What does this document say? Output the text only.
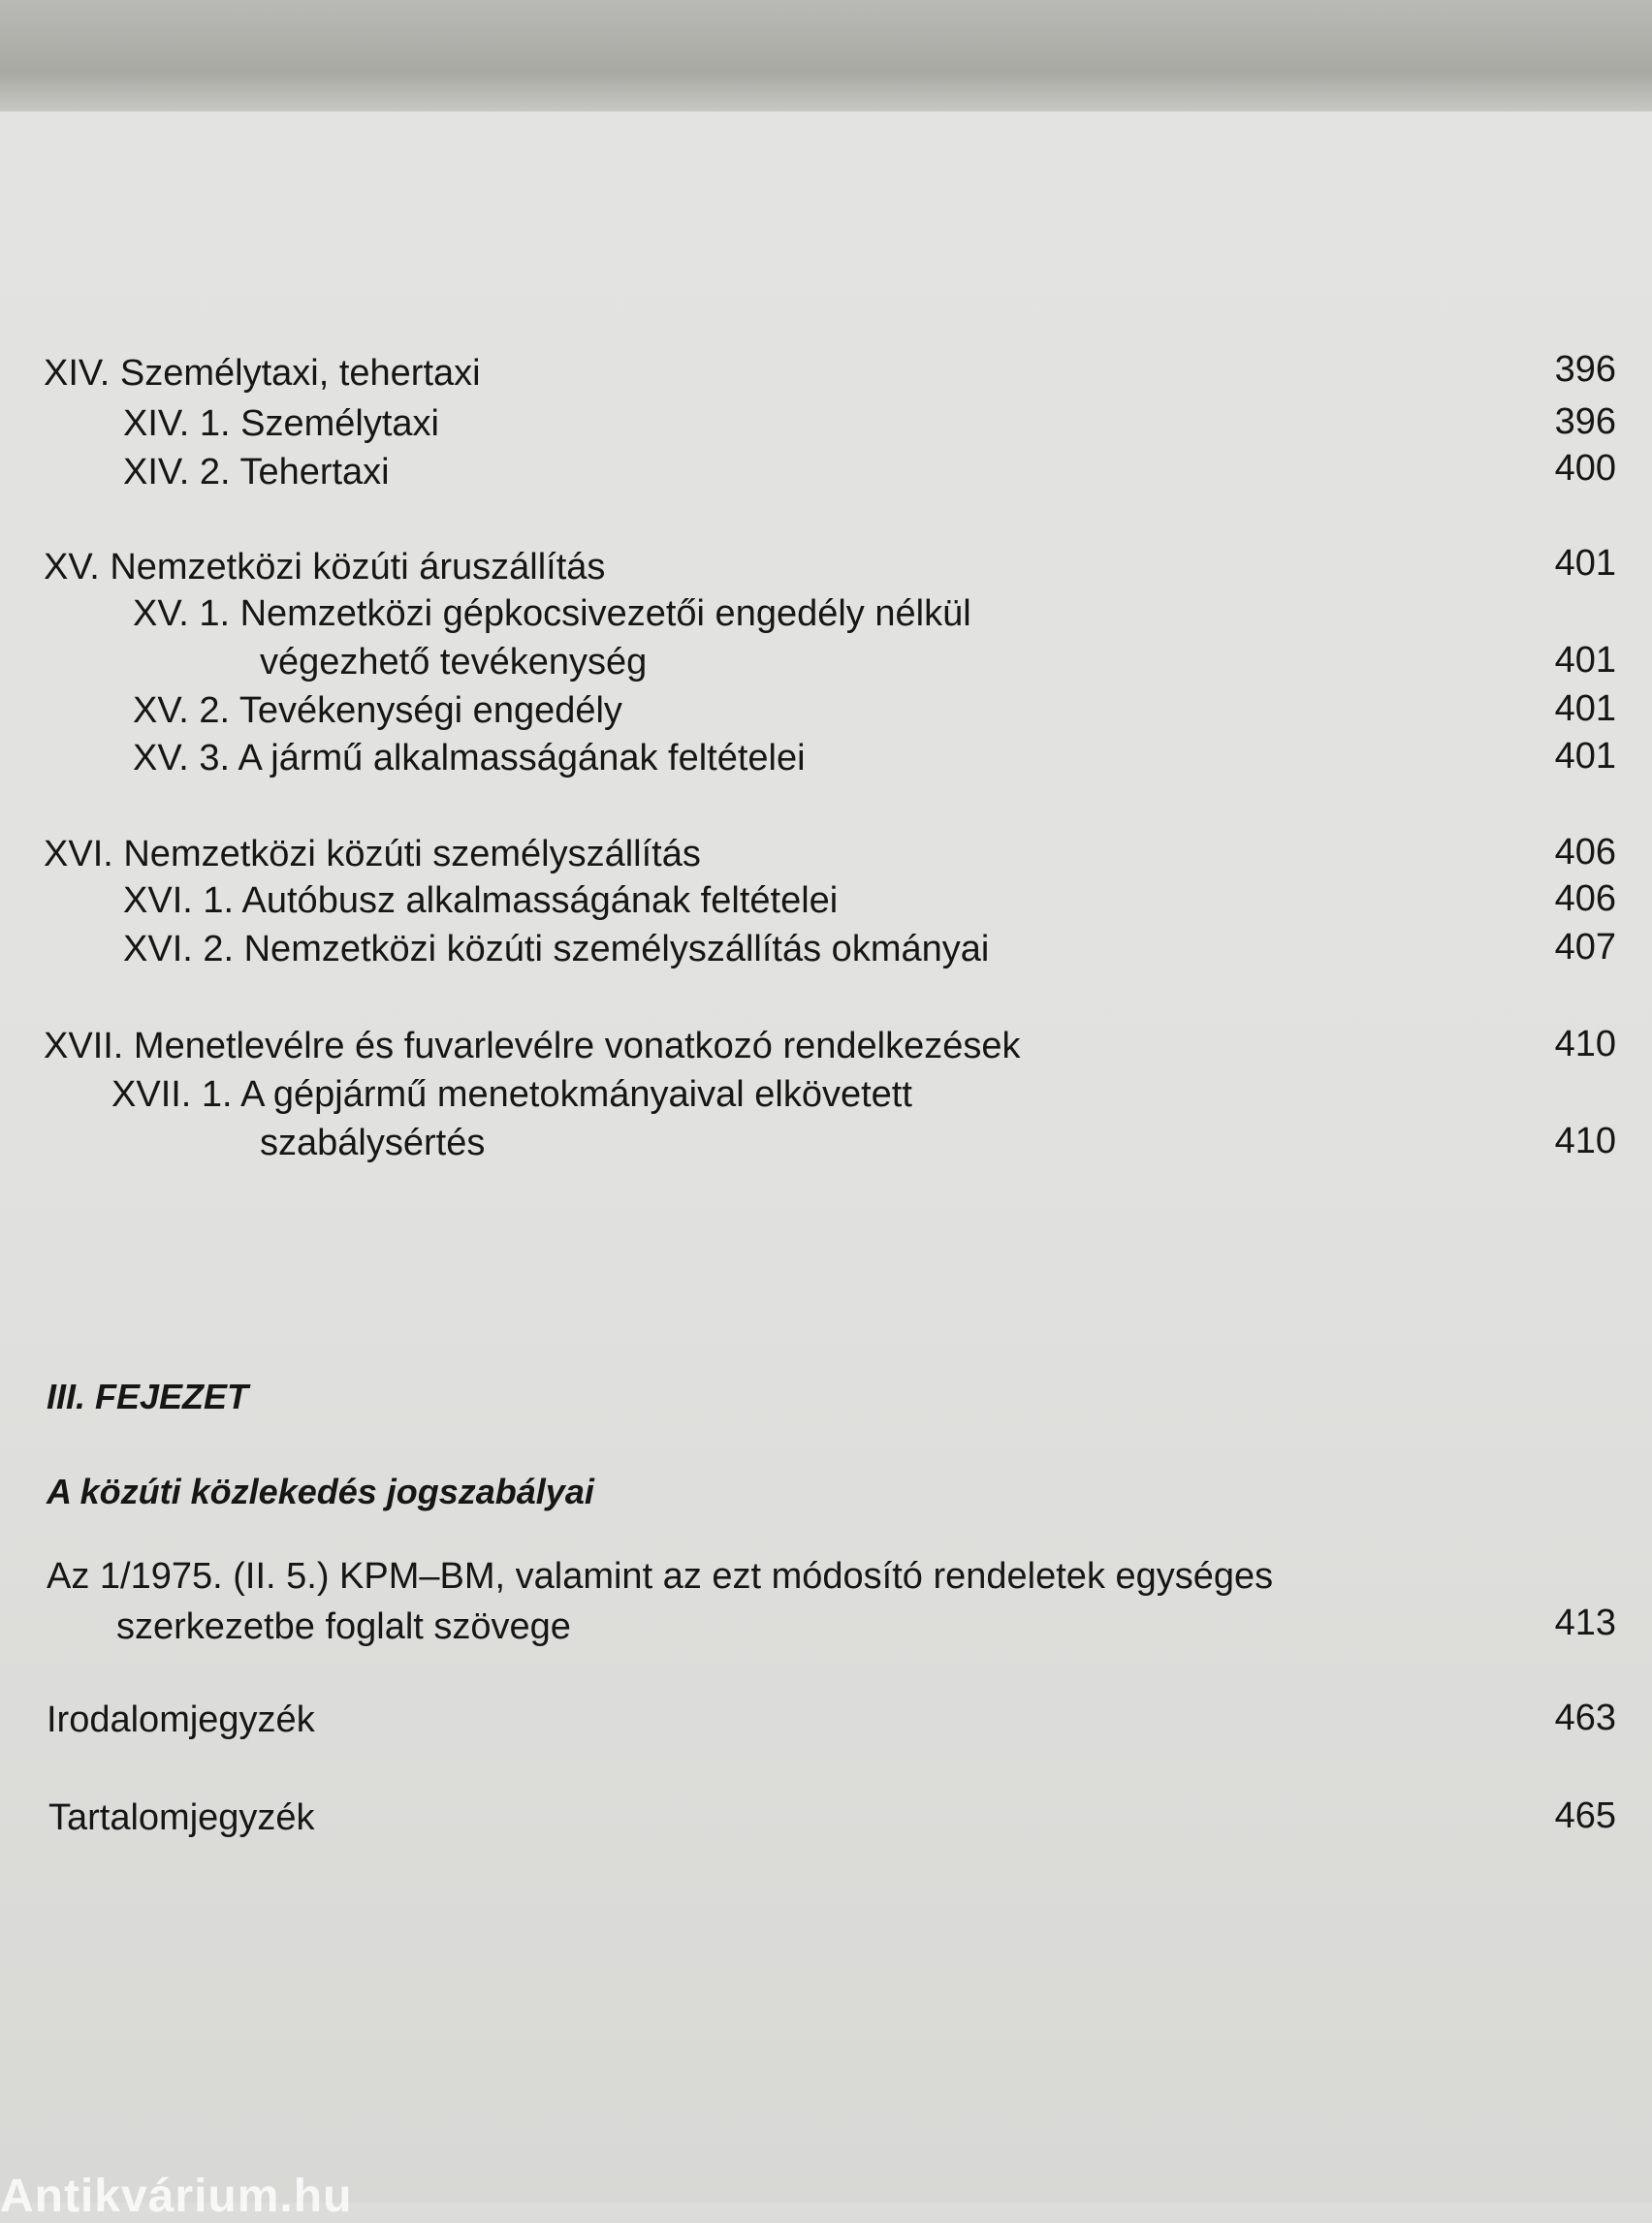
XIV. Személytaxi, tehertaxi	396
XIV. 1. Személytaxi	396
XIV. 2. Tehertaxi	400
XV. Nemzetközi közúti áruszállítás	401
XV. 1. Nemzetközi gépkocsivezetői engedély nélkül
végezhető tevékenység	401
XV. 2. Tevékenységi engedély	401
XV. 3. A jármű alkalmasságának feltételei	401
XVI. Nemzetközi közúti személyszállítás	406
XVI. 1. Autóbusz alkalmasságának feltételei	406
XVI. 2. Nemzetközi közúti személyszállítás okmányai	407
XVII. Menetlevélre és fuvarlevélre vonatkozó rendelkezések	410
XVII. 1. A gépjármű menetokmányaival elkövetett
szabálysértés	410
III. FEJEZET
A közúti közlekedés jogszabályai
Az 1/1975. (II. 5.) KPM–BM, valamint az ezt módosító rendeletek egységes
szerkezetbe foglalt szövege	413
Irodalomjegyzék	463
Tartalomjegyzék	465
Antikvárium.hu
